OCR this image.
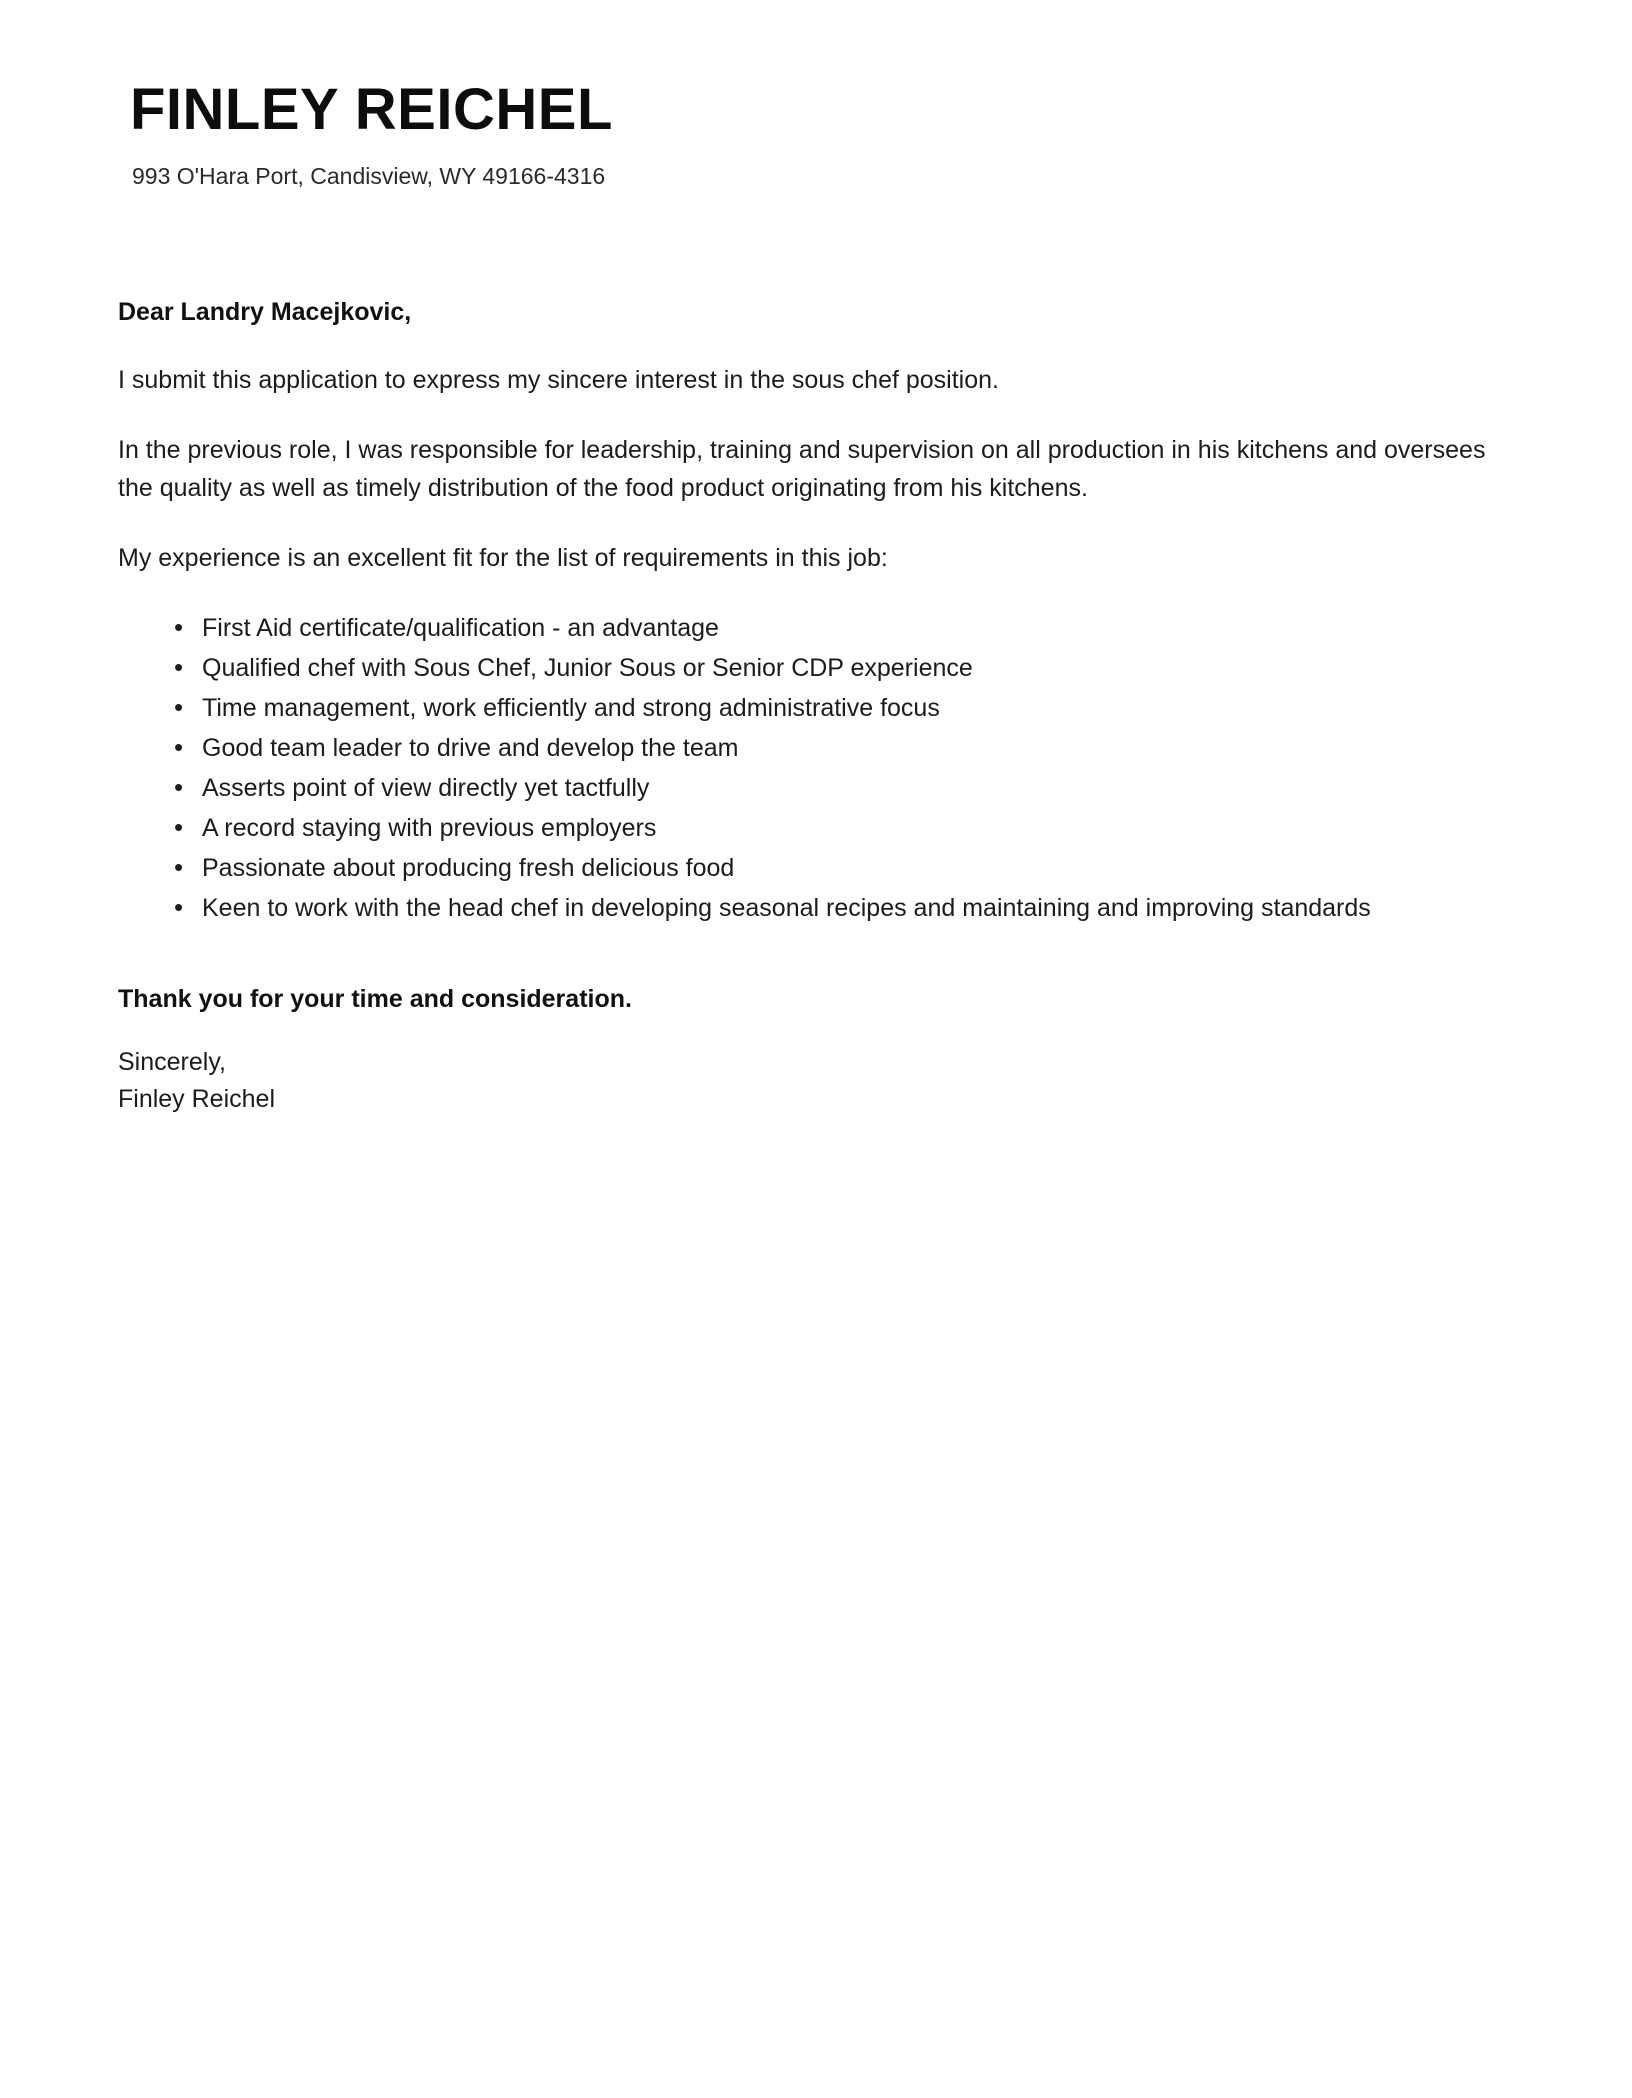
FINLEY REICHEL
993 O'Hara Port, Candisview, WY 49166-4316
Dear Landry Macejkovic,

I submit this application to express my sincere interest in the sous chef position.

In the previous role, I was responsible for leadership, training and supervision on all production in his kitchens and oversees the quality as well as timely distribution of the food product originating from his kitchens.

My experience is an excellent fit for the list of requirements in this job:

• First Aid certificate/qualification - an advantage
• Qualified chef with Sous Chef, Junior Sous or Senior CDP experience
• Time management, work efficiently and strong administrative focus
• Good team leader to drive and develop the team
• Asserts point of view directly yet tactfully
• A record staying with previous employers
• Passionate about producing fresh delicious food
• Keen to work with the head chef in developing seasonal recipes and maintaining and improving standards
Thank you for your time and consideration.
Sincerely,
Finley Reichel
